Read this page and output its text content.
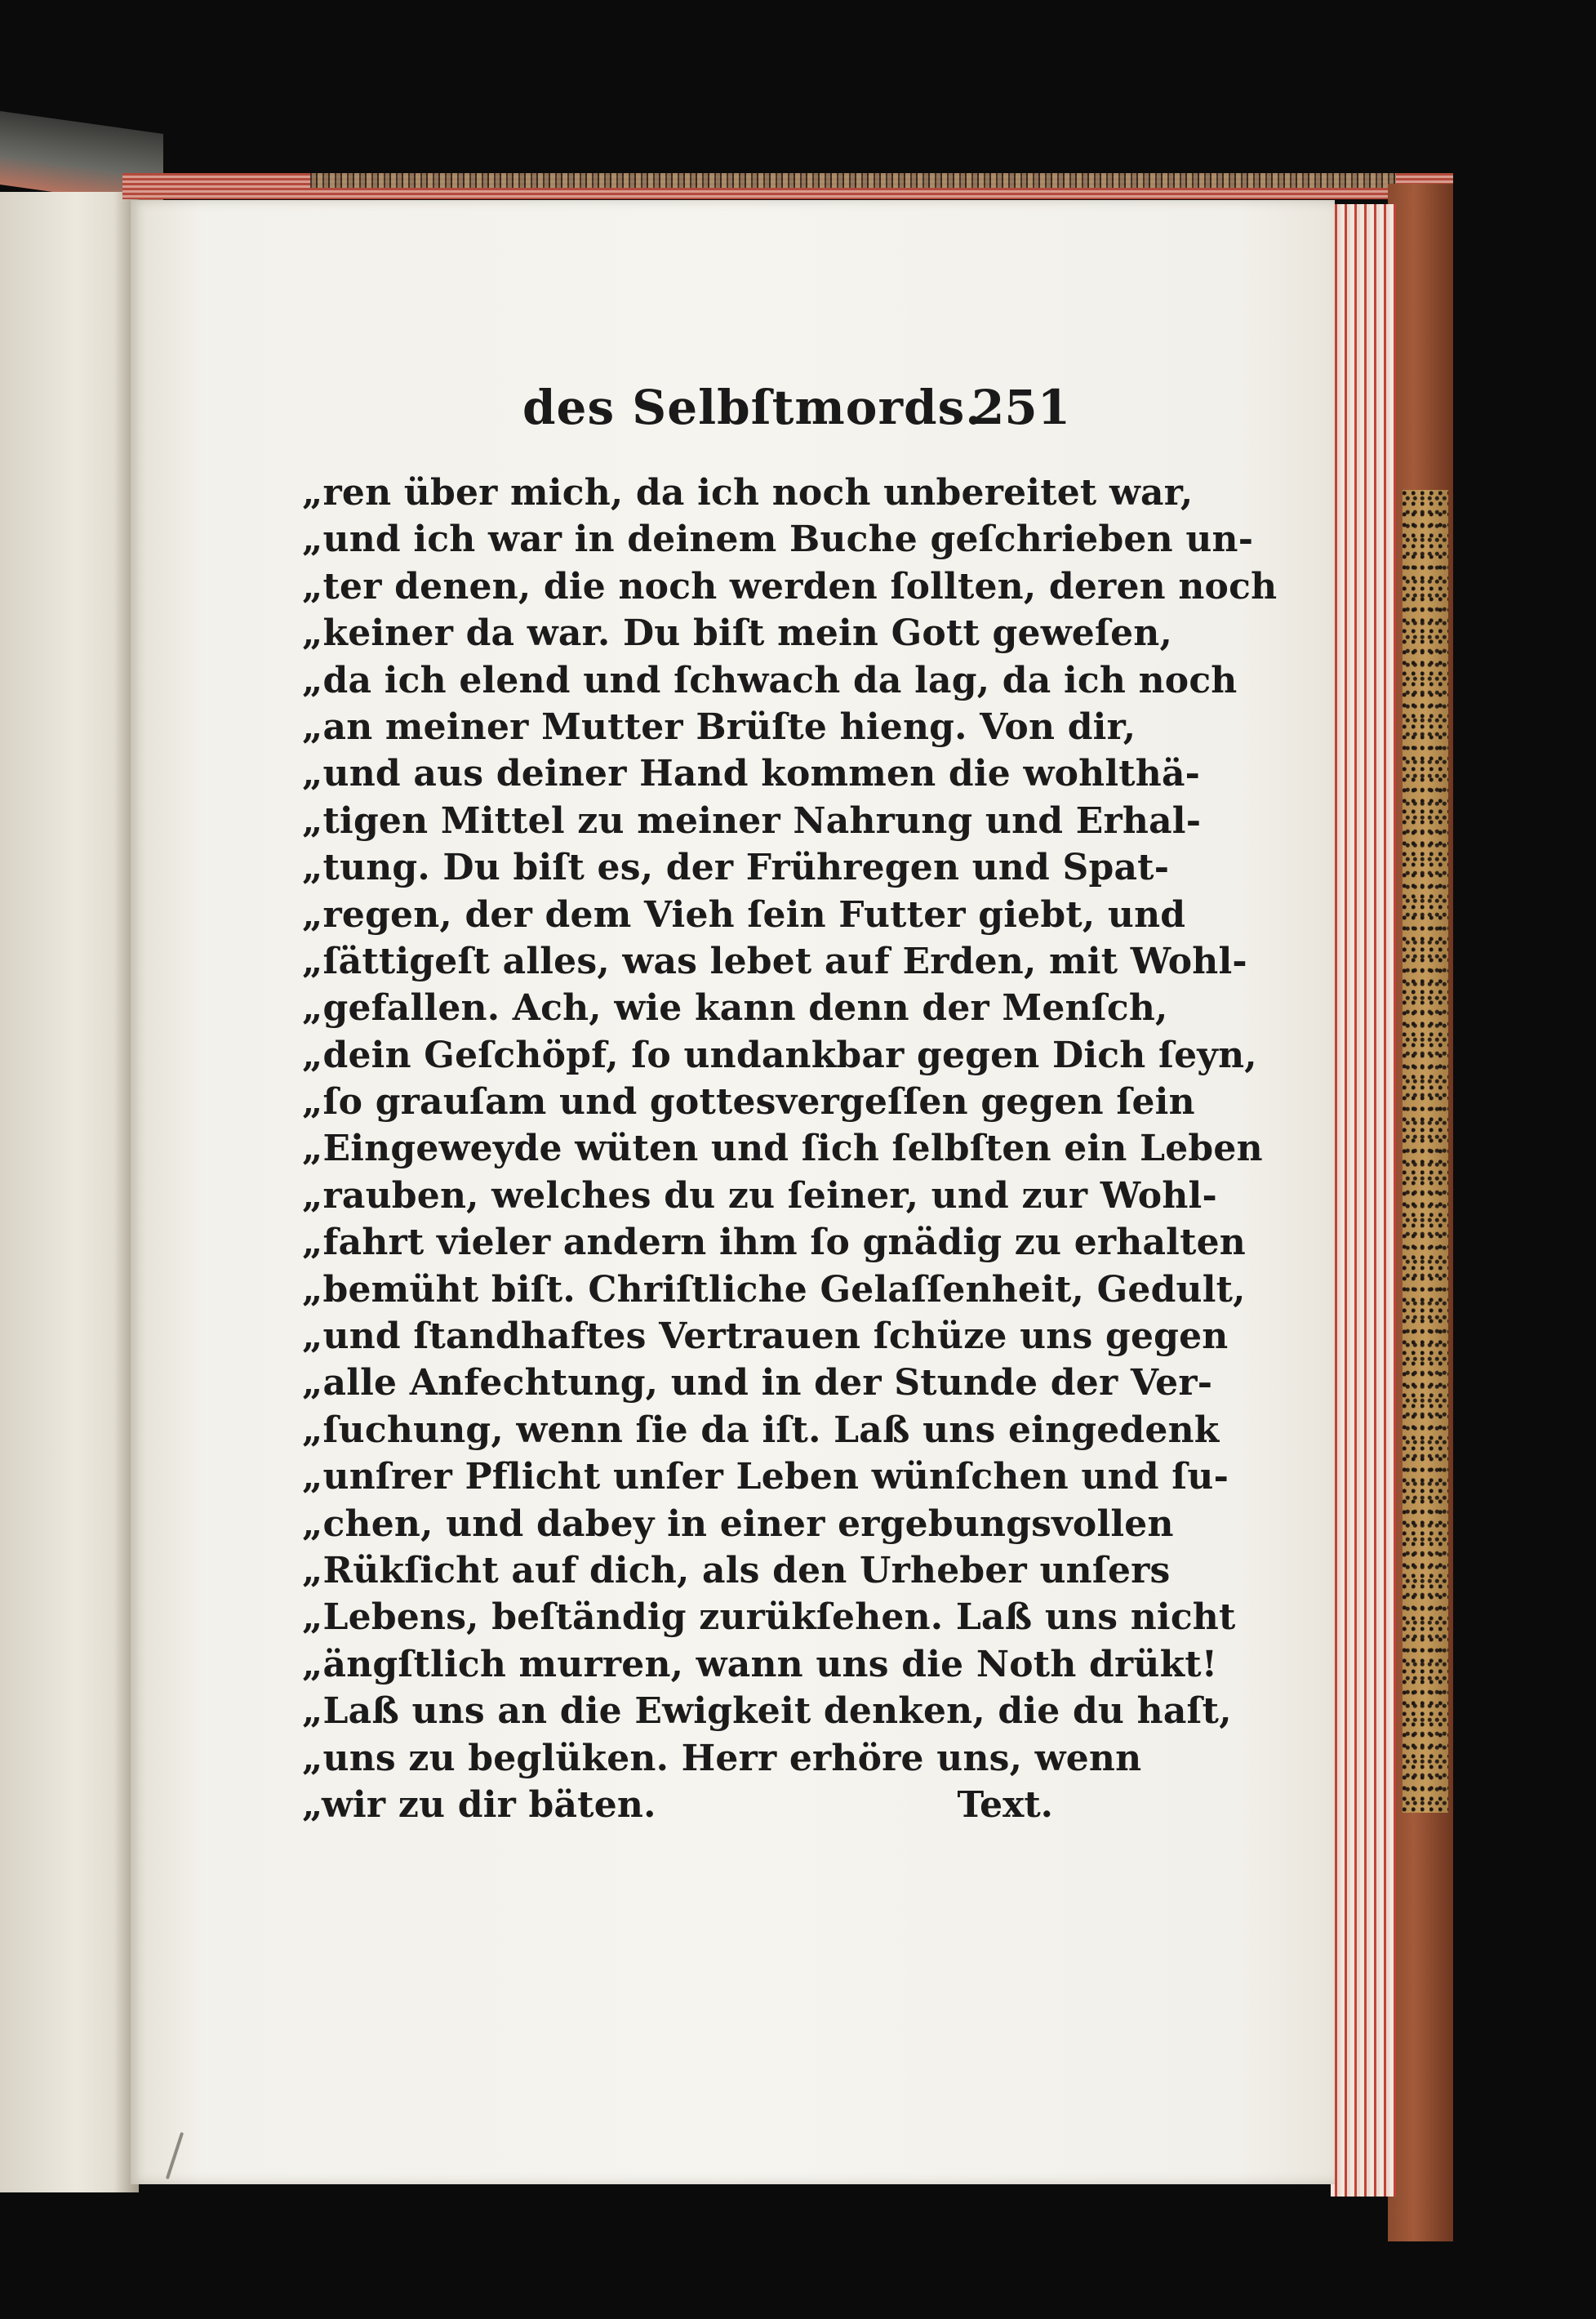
des Selbſtmords.
251
„ren über mich, da ich noch unbereitet war,
„und ich war in deinem Buche geſchrieben un-
„ter denen, die noch werden ſollten, deren noch
„keiner da war. Du biſt mein Gott geweſen,
„da ich elend und ſchwach da lag, da ich noch
„an meiner Mutter Brüſte hieng. Von dir,
„und aus deiner Hand kommen die wohlthä-
„tigen Mittel zu meiner Nahrung und Erhal-
„tung. Du biſt es, der Frühregen und Spat-
„regen, der dem Vieh ſein Futter giebt, und
„ſättigeſt alles, was lebet auf Erden, mit Wohl-
„gefallen. Ach, wie kann denn der Menſch,
„dein Geſchöpf, ſo undankbar gegen Dich ſeyn,
„ſo grauſam und gottesvergeſſen gegen ſein
„Eingeweyde wüten und ſich ſelbſten ein Leben
„rauben, welches du zu ſeiner, und zur Wohl-
„fahrt vieler andern ihm ſo gnädig zu erhalten
„bemüht biſt. Chriſtliche Gelaſſenheit, Gedult,
„und ſtandhaftes Vertrauen ſchüze uns gegen
„alle Anfechtung, und in der Stunde der Ver-
„ſuchung, wenn ſie da iſt. Laß uns eingedenk
„unſrer Pflicht unſer Leben wünſchen und ſu-
„chen, und dabey in einer ergebungsvollen
„Rükſicht auf dich, als den Urheber unſers
„Lebens, beſtändig zurükſehen. Laß uns nicht
„ängſtlich murren, wann uns die Noth drükt!
„Laß uns an die Ewigkeit denken, die du haſt,
„uns zu beglüken. Herr erhöre uns, wenn
„wir zu dir bäten.	Text.
